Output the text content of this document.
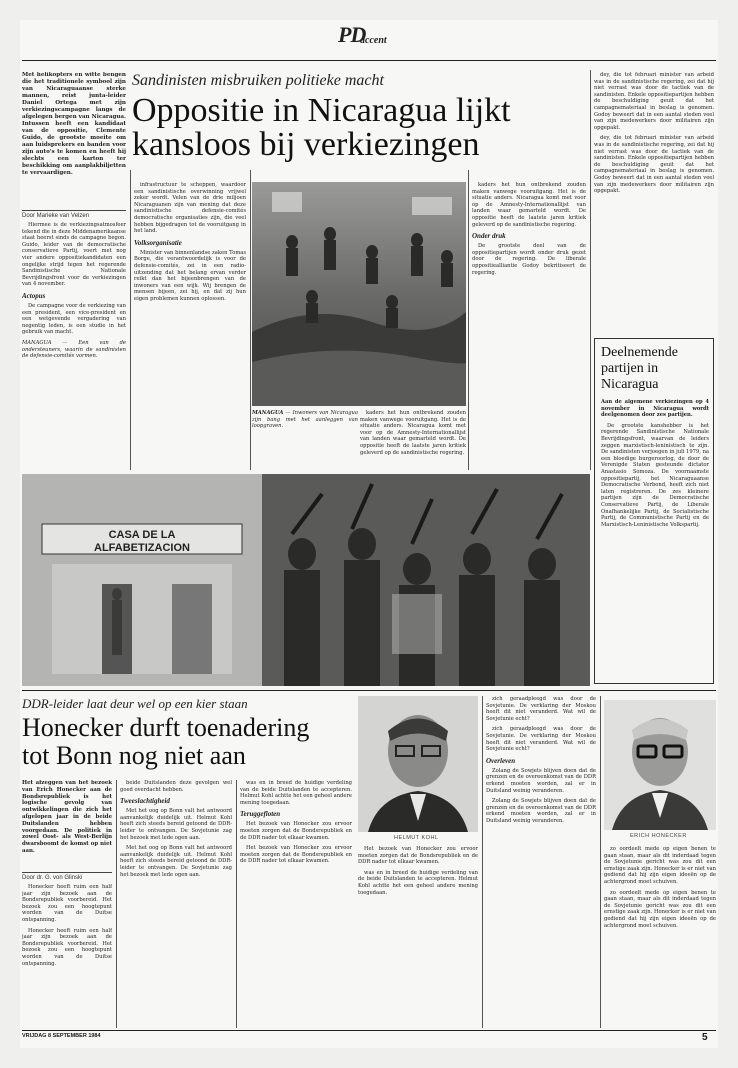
PD
accent
Met helikopters en witte bengen die het traditionele symbool zijn van Nicaraguaanse sterke mannen, reist junta-leider Daniel Ortega met zijn verkiezingscampagne langs de afgelegen bergen van Nicaragua. Intussen heeft een kandidaat van de oppositie, Clemente Guido, de grootste moeite om aan luidsprekers en banden voor zijn auto's te komen en heeft hij slechts een karton ter beschikking om aanplakbiljetten te vervaardigen.
Sandinisten misbruiken politieke macht
Oppositie in Nicaragua lijkt
kansloos bij verkiezingen
Door Marieke van Velzen

Hiermee is de verkiezingsatmosfeer tekend die in deze Middenamerikaanse staat heerst sinds de campagne begon. Guido, leider van de democratische conservatieve Partij, voert met nog vier andere oppositiekandidaten een ongelijke strijd tegen het regerende Sandinistische Nationale Bevrijdingsfront voor de verkiezingen van 4 november.

Actopus

De campagne voor de verkiezing van een president, een vice-president en een wetgevende vergadering van negentig leden, is een studie in het gebruik van macht.

MANAGUA — Een van de ondersteuners, waarin de sandinisten de defensie-comités vormen.

infrastructuur te scheppen, waardoor een sandinistische overwinning vrijwel zeker wordt. Velen van de drie miljoen Nicaraguanen zijn van mening dat deze sandinistische defensie-comités democratische organisaties zijn, die veel hebben bijgedragen tot de vooruitgang in het land.

Volksorganisatie

Minister van binnenlandse zaken Tomas Borge, die verantwoordelijk is voor de defensie-comités, zei in een radio-uitzending dat het belang ervan verder reikt dan het bijeenbrengen van de inwoners van een wijk. Wij brengen de mensen bijeen, zei hij, en dat zij hun eigen problemen kunnen oplossen.

MANAGUA — Inwoners van Nicaragua zijn bang met het aanleggen van loopgraven.

kaders het hun ontbrekend zouden maken vanwege vooruitgang. Het is de situatie anders. Nicaragua komt met voor op de Amnesty-Internationallijst van landen waar gemarteld wordt. De oppositie heeft de laatste jaren kritiek geleverd op de sandinistische regering.

kaders het hun ontbrekend zouden maken vanwege vooruitgang. Het is de situatie anders. Nicaragua komt met voor op de Amnesty-Internationallijst van landen waar gemarteld wordt. De oppositie heeft de laatste jaren kritiek geleverd op de sandinistische regering.

Onder druk

De grootste deel van de oppositiepartijen wordt onder druk gezet door de regering. De liberale oppositiealliantie Godoy bekritiseert de regering.

dey, die tot februari minister van arbeid was in de sandinistische regering, zei dat hij niet verrast was door de tactiek van de sandinisten. Enkele oppositiepartijen hebben de beschuldiging geuit dat het campagnemateriaal in beslag is genomen. Godoy beweert dat in een aantal steden veel van zijn medewerkers door militairen zijn opgepakt.

dey, die tot februari minister van arbeid was in de sandinistische regering, zei dat hij niet verrast was door de tactiek van de sandinisten. Enkele oppositiepartijen hebben de beschuldiging geuit dat het campagnemateriaal in beslag is genomen. Godoy beweert dat in een aantal steden veel van zijn medewerkers door militairen zijn opgepakt.

Deelnemende partijen in Nicaragua

Aan de algemene verkiezingen op 4 november in Nicaragua wordt deelgenomen door zes partijen.

De grootste kanshebber is het regerende Sandinistische Nationale Bevrijdingsfront, waarvan de leiders zeggen marxistisch-leninistisch te zijn. De sandinisten verjoegen in juli 1979, na een bloedige burgeroorlog, de door de Verenigde Staten gesteunde dictator Anastasio Somoza. De voornaamste oppositiepartij, het Nicaraguaanse Democratische Verbond, heeft zich niet laten registreren. De zes kleinere partijen zijn de Democratische Conservatieve Partij, de Liberale Onafhankelijke Partij, de Socialistische Partij, de Communistische Partij en de Marxistisch-Leninistische Volkspartij.

CASA DE LA
ALFABETIZACION
DDR-leider laat deur wel op een kier staan
Honecker durft toenadering
tot Bonn nog niet aan
Het afzeggen van het bezoek van Erich Honecker aan de Bondsrepubliek is het logische gevolg van ontwikkelingen die zich het afgelopen jaar in de beide Duitslanden hebben voorgedaan. De politiek in zowel Oost- als West-Berlijn dwarsboomt de komst op niet aan.
Door dr. G. von Glinski

Honecker heeft ruim een half jaar zijn bezoek aan de Bondsrepubliek voorbereid. Het bezoek zou een hoogtepunt worden van de Duitse ontspanning.

Honecker heeft ruim een half jaar zijn bezoek aan de Bondsrepubliek voorbereid. Het bezoek zou een hoogtepunt worden van de Duitse ontspanning.

beide Duitslanden deze gevolgen wel goed overdacht hebben.

Tweeslachtigheid

Met het oog op Bonn valt het antwoord aanvankelijk duidelijk uit. Helmut Kohl heeft zich steeds bereid getoond de DDR-leider te ontvangen. De Sovjetunie zag het bezoek met lede ogen aan.

Met het oog op Bonn valt het antwoord aanvankelijk duidelijk uit. Helmut Kohl heeft zich steeds bereid getoond de DDR-leider te ontvangen. De Sovjetunie zag het bezoek met lede ogen aan.

was en in breed de huidige verdeling van de beide Duitslanden te accepteren. Helmut Kohl achtte het een geheel andere mening toegedaan.

Teruggefloten

Het bezoek van Honecker zou ervoor moeten zorgen dat de Bondsrepubliek en de DDR nader tot elkaar kwamen.

Het bezoek van Honecker zou ervoor moeten zorgen dat de Bondsrepubliek en de DDR nader tot elkaar kwamen.

HELMUT KOHL

Het bezoek van Honecker zou ervoor moeten zorgen dat de Bondsrepubliek en de DDR nader tot elkaar kwamen.

was en in breed de huidige verdeling van de beide Duitslanden te accepteren. Helmut Kohl achtte het een geheel andere mening toegedaan.

zich geraadpleegd was door de Sovjetunie. De verklaring der Moskou heeft dit niet veranderd. Wat wil de Sovjetunie echt?

zich geraadpleegd was door de Sovjetunie. De verklaring der Moskou heeft dit niet veranderd. Wat wil de Sovjetunie echt?

Overleven

Zolang de Sowjets blijven doen dat de grenzen en de overeenkomst van de DDR erkend moeten worden, zal er in Duitsland weinig veranderen.

Zolang de Sowjets blijven doen dat de grenzen en de overeenkomst van de DDR erkend moeten worden, zal er in Duitsland weinig veranderen.

ERICH HONECKER

zo oordeelt mede op eigen benen te gaan staan, maar als dit inderdaad tegen de Sovjetunie gericht was zou dit een ernstige zaak zijn. Honecker is er niet van gediend dat hij zijn eigen ideeën op de achtergrond moet schuiven.

zo oordeelt mede op eigen benen te gaan staan, maar als dit inderdaad tegen de Sovjetunie gericht was zou dit een ernstige zaak zijn. Honecker is er niet van gediend dat hij zijn eigen ideeën op de achtergrond moet schuiven.

VRIJDAG 8 SEPTEMBER 1984	5
